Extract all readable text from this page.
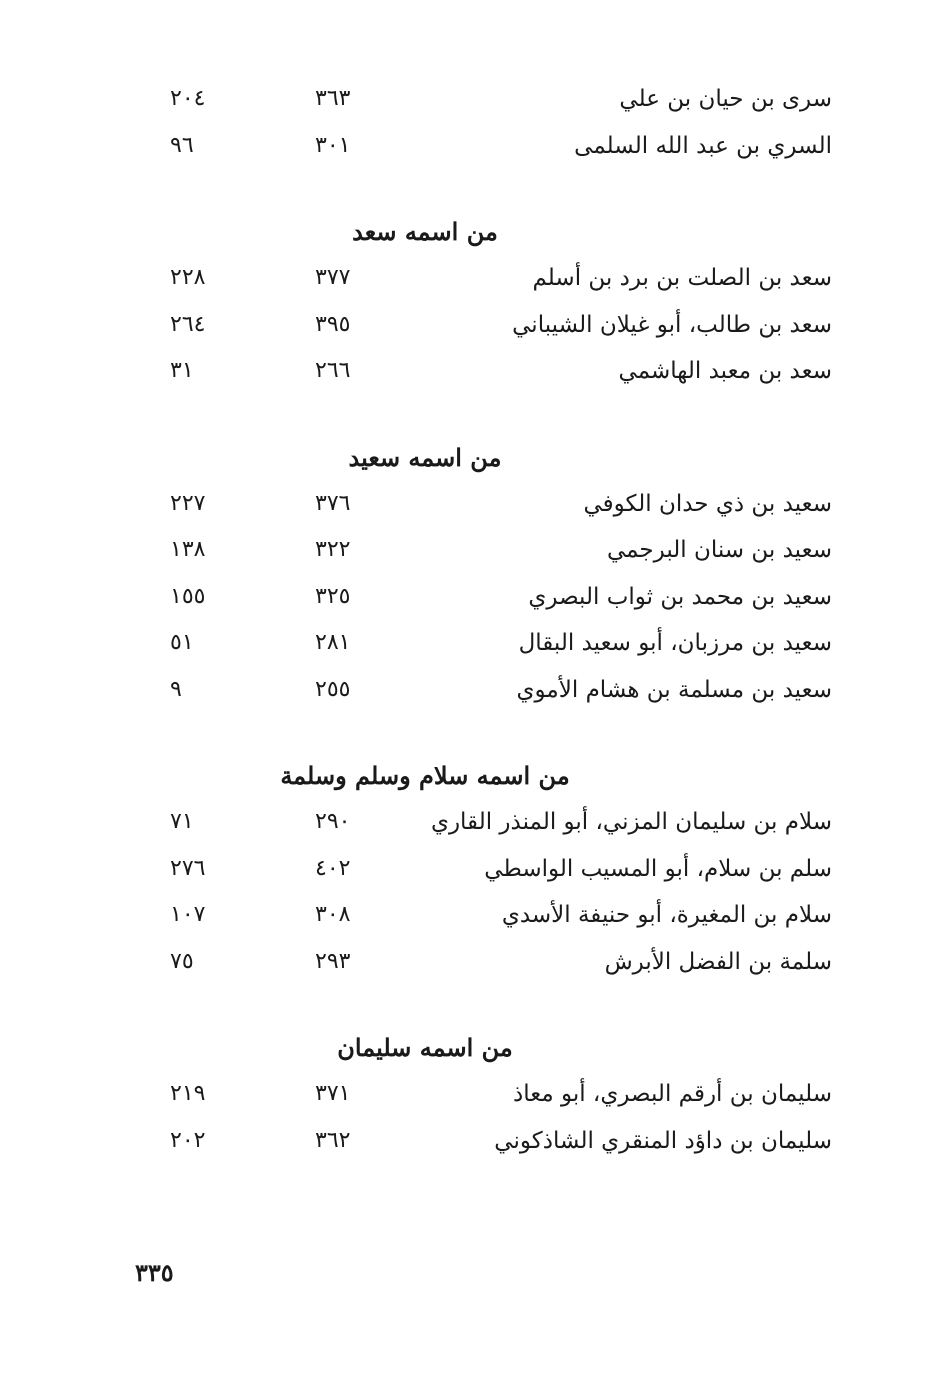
سرى بن حيان بن علي
٣٦٣
٢٠٤
السري بن عبد الله السلمى
٣٠١
٩٦
من اسمه سعد
سعد بن الصلت بن برد بن أسلم
٣٧٧
٢٢٨
سعد بن طالب، أبو غيلان الشيباني
٣٩٥
٢٦٤
سعد بن معبد الهاشمي
٢٦٦
٣١
من اسمه سعيد
سعيد بن ذي حدان الكوفي
٣٧٦
٢٢٧
سعيد بن سنان البرجمي
٣٢٢
١٣٨
سعيد بن محمد بن ثواب البصري
٣٢٥
١٥٥
سعيد بن مرزبان، أبو سعيد البقال
٢٨١
٥١
سعيد بن مسلمة بن هشام الأموي
٢٥٥
٩
من اسمه سلام وسلم وسلمة
سلام بن سليمان المزني، أبو المنذر القاري
٢٩٠
٧١
سلم بن سلام، أبو المسيب الواسطي
٤٠٢
٢٧٦
سلام بن المغيرة، أبو حنيفة الأسدي
٣٠٨
١٠٧
سلمة بن الفضل الأبرش
٢٩٣
٧٥
من اسمه سليمان
سليمان بن أرقم البصري، أبو معاذ
٣٧١
٢١٩
سليمان بن داؤد المنقري الشاذكوني
٣٦٢
٢٠٢
٣٣٥
